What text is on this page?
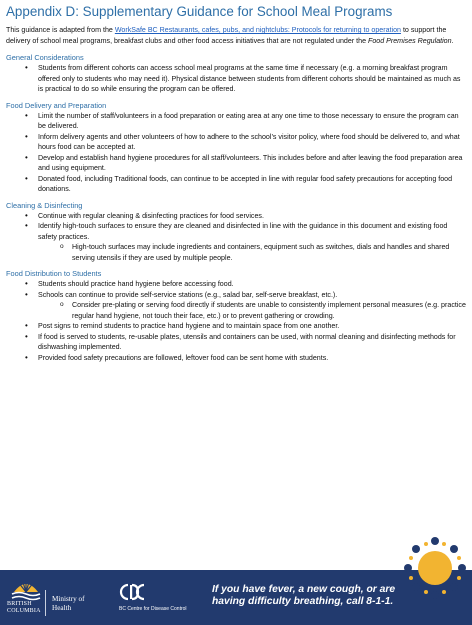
Appendix D: Supplementary Guidance for School Meal Programs

This guidance is adapted from the WorkSafe BC Restaurants, cafes, pubs, and nightclubs: Protocols for returning to operation to support the delivery of school meal programs, breakfast clubs and other food access initiatives that are not regulated under the Food Premises Regulation.

General Considerations
• Students from different cohorts can access school meal programs at the same time if necessary (e.g. a morning breakfast program offered only to students who may need it). Physical distance between students from different cohorts should be maintained as much as is practical to do so while ensuring the program can be offered.
Food Delivery and Preparation
• Limit the number of staff/volunteers in a food preparation or eating area at any one time to those necessary to ensure the program can be delivered.
• Inform delivery agents and other volunteers of how to adhere to the school’s visitor policy, where food should be delivered to, and what hours food can be accepted at.
• Develop and establish hand hygiene procedures for all staff/volunteers. This includes before and after leaving the food preparation area and using equipment.
• Donated food, including Traditional foods, can continue to be accepted in line with regular food safety precautions for accepting food donations.
Cleaning & Disinfecting
• Continue with regular cleaning & disinfecting practices for food services.
• Identify high-touch surfaces to ensure they are cleaned and disinfected in line with the guidance in this document and existing food safety practices.
o High-touch surfaces may include ingredients and containers, equipment such as switches, dials and handles and shared serving utensils if they are used by multiple people.
Food Distribution to Students
• Students should practice hand hygiene before accessing food.
• Schools can continue to provide self-service stations (e.g., salad bar, self-serve breakfast, etc.).
o Consider pre-plating or serving food directly if students are unable to consistently implement personal measures (e.g. practice regular hand hygiene, not touch their face, etc.) or to prevent gathering or crowding.
• Post signs to remind students to practice hand hygiene and to maintain space from one another.
• If food is served to students, re-usable plates, utensils and containers can be used, with normal cleaning and disinfecting methods for dishwashing implemented.
• Provided food safety precautions are followed, leftover food can be sent home with students.
BRITISH
COLUMBIA
Ministry of
Health	BC Centre for Disease Control
If you have fever, a new cough, or are
having difficulty breathing, call 8-1-1.
